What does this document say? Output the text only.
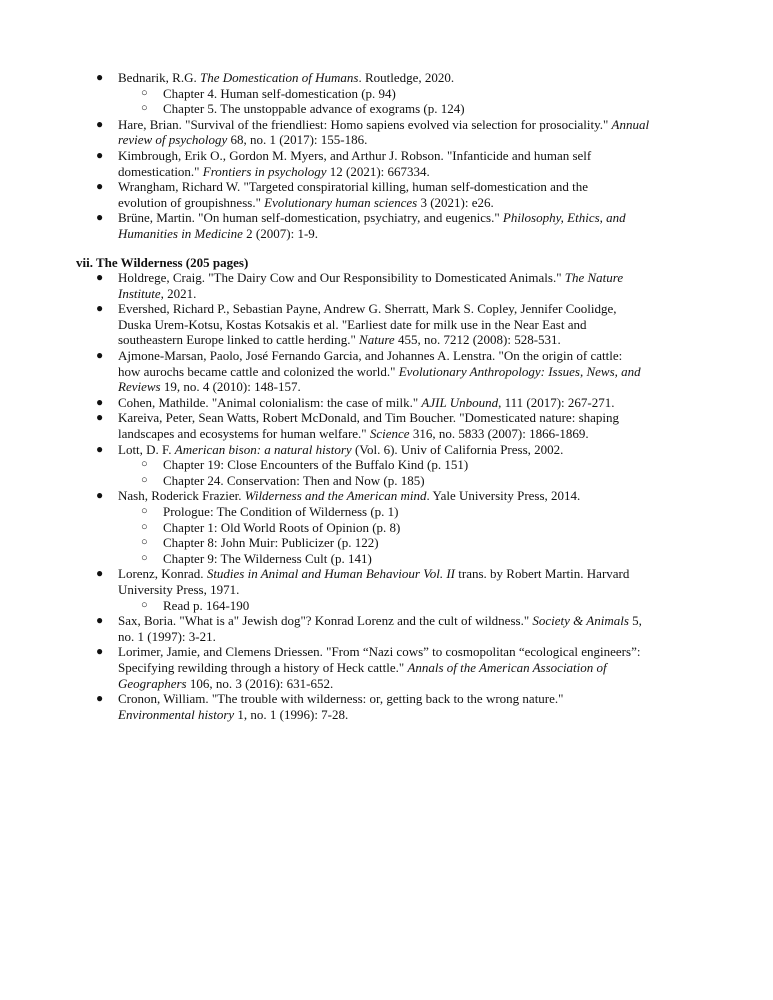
● Bednarik, R.G. The Domestication of Humans. Routledge, 2020.
○ Chapter 4. Human self-domestication (p. 94)
○ Chapter 5. The unstoppable advance of exograms (p. 124)
● Hare, Brian. "Survival of the friendliest: Homo sapiens evolved via selection for prosociality." Annual
review of psychology 68, no. 1 (2017): 155-186.
● Kimbrough, Erik O., Gordon M. Myers, and Arthur J. Robson. "Infanticide and human self
domestication." Frontiers in psychology 12 (2021): 667334.
● Wrangham, Richard W. "Targeted conspiratorial killing, human self-domestication and the
evolution of groupishness." Evolutionary human sciences 3 (2021): e26.
● Brüne, Martin. "On human self-domestication, psychiatry, and eugenics." Philosophy, Ethics, and
Humanities in Medicine 2 (2007): 1-9.
vii. The Wilderness (205 pages)
● Holdrege, Craig. "The Dairy Cow and Our Responsibility to Domesticated Animals." The Nature
Institute, 2021.
● Evershed, Richard P., Sebastian Payne, Andrew G. Sherratt, Mark S. Copley, Jennifer Coolidge,
Duska Urem-Kotsu, Kostas Kotsakis et al. "Earliest date for milk use in the Near East and
southeastern Europe linked to cattle herding." Nature 455, no. 7212 (2008): 528-531.
● Ajmone-Marsan, Paolo, José Fernando Garcia, and Johannes A. Lenstra. "On the origin of cattle:
how aurochs became cattle and colonized the world." Evolutionary Anthropology: Issues, News, and
Reviews 19, no. 4 (2010): 148-157.
● Cohen, Mathilde. "Animal colonialism: the case of milk." AJIL Unbound, 111 (2017): 267-271.
● Kareiva, Peter, Sean Watts, Robert McDonald, and Tim Boucher. "Domesticated nature: shaping
landscapes and ecosystems for human welfare." Science 316, no. 5833 (2007): 1866-1869.
● Lott, D. F. American bison: a natural history (Vol. 6). Univ of California Press, 2002.
○ Chapter 19: Close Encounters of the Buffalo Kind (p. 151)
○ Chapter 24. Conservation: Then and Now (p. 185)
● Nash, Roderick Frazier. Wilderness and the American mind. Yale University Press, 2014.
○ Prologue: The Condition of Wilderness (p. 1)
○ Chapter 1: Old World Roots of Opinion (p. 8)
○ Chapter 8: John Muir: Publicizer (p. 122)
○ Chapter 9: The Wilderness Cult (p. 141)
● Lorenz, Konrad. Studies in Animal and Human Behaviour Vol. II trans. by Robert Martin. Harvard
University Press, 1971.
○ Read p. 164-190
● Sax, Boria. "What is a" Jewish dog"? Konrad Lorenz and the cult of wildness." Society & Animals 5,
no. 1 (1997): 3-21.
● Lorimer, Jamie, and Clemens Driessen. "From “Nazi cows” to cosmopolitan “ecological engineers”:
Specifying rewilding through a history of Heck cattle." Annals of the American Association of
Geographers 106, no. 3 (2016): 631-652.
● Cronon, William. "The trouble with wilderness: or, getting back to the wrong nature."
Environmental history 1, no. 1 (1996): 7-28.
